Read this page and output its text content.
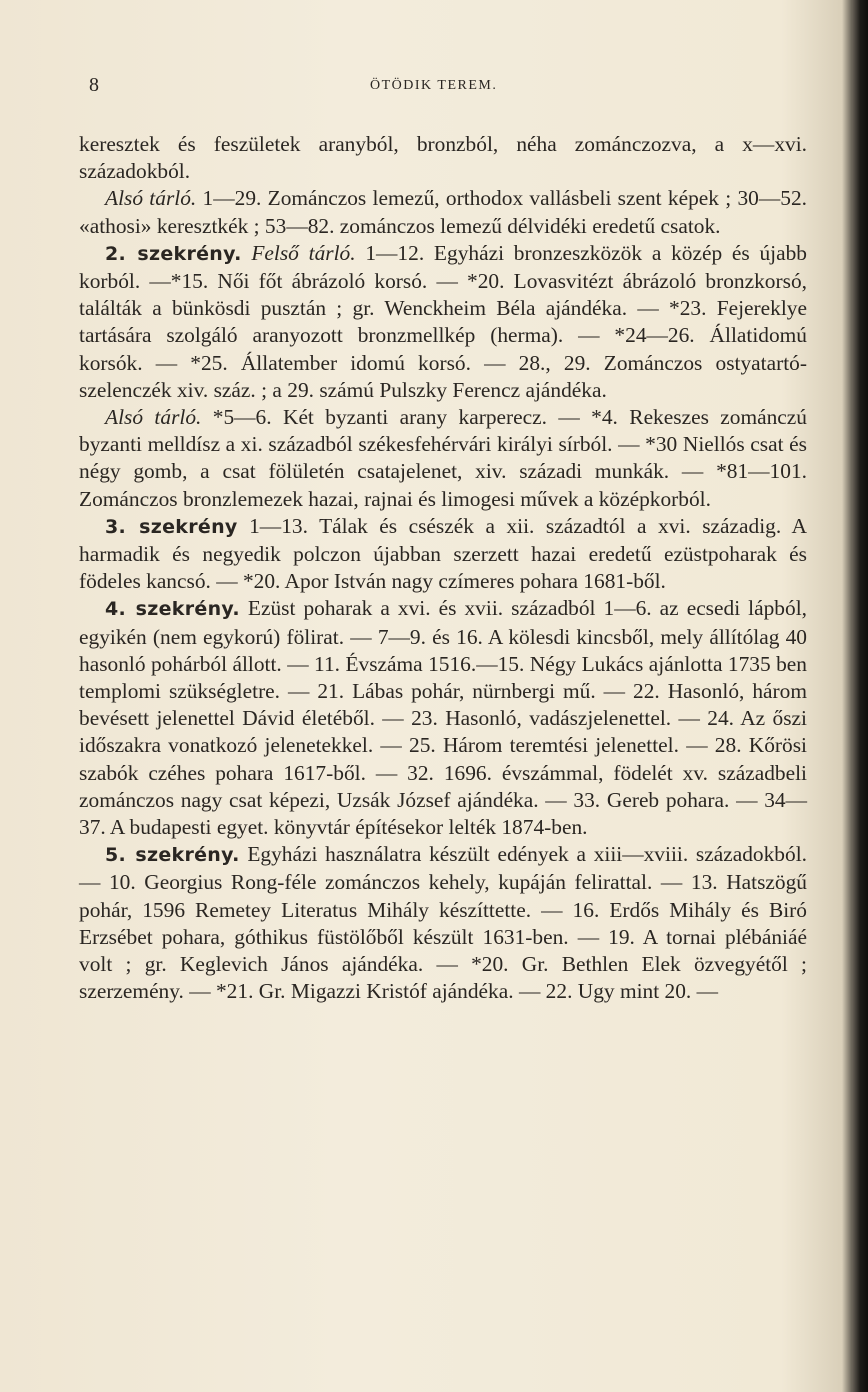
8	ÖTÖDIK TEREM.

keresztek és feszületek aranyból, bronzból, néha zománczozva, a x—xvi. századokból.

Alsó tárló. 1—29. Zománczos lemezű, orthodox vallásbeli szent képek ; 30—52. «athosi» keresztkék ; 53—82. zománczos lemezű délvidéki eredetű csatok.

2. szekrény. Felső tárló. 1—12. Egyházi bronzeszközök a közép és újabb korból. —*15. Női főt ábrázoló korsó. — *20. Lovasvitézt ábrázoló bronzkorsó, találták a bünkösdi pusztán ; gr. Wenckheim Béla ajándéka. — *23. Fejereklye tartására szolgáló aranyozott bronzmellkép (herma). — *24—26. Állatidomú korsók. — *25. Állatember idomú korsó. — 28., 29. Zománczos ostyatartó-szelenczék xiv. száz. ; a 29. számú Pulszky Ferencz ajándéka.

Alsó tárló. *5—6. Két byzanti arany karperecz. — *4. Rekeszes zománczú byzanti melldísz a xi. századból székesfehérvári királyi sírból. — *30 Niellós csat és négy gomb, a csat fölületén csatajelenet, xiv. századi munkák. — *81—101. Zománczos bronzlemezek hazai, rajnai és limogesi művek a középkorból.

3. szekrény 1—13. Tálak és csészék a xii. századtól a xvi. századig. A harmadik és negyedik polczon újabban szerzett hazai eredetű ezüstpoharak és födeles kancsó. — *20. Apor István nagy czímeres pohara 1681-ből.

4. szekrény. Ezüst poharak a xvi. és xvii. századból 1—6. az ecsedi lápból, egyikén (nem egykorú) fölirat. — 7—9. és 16. A kölesdi kincsből, mely állítólag 40 hasonló pohárból állott. — 11. Évszáma 1516.—15. Négy Lukács ajánlotta 1735 ben templomi szükségletre. — 21. Lábas pohár, nürnbergi mű. — 22. Hasonló, három bevésett jelenettel Dávid életéből. — 23. Hasonló, vadászjelenettel. — 24. Az őszi időszakra vonatkozó jelenetekkel. — 25. Három teremtési jelenettel. — 28. Kőrösi szabók czéhes pohara 1617-ből. — 32. 1696. évszámmal, födelét xv. századbeli zománczos nagy csat képezi, Uzsák József ajándéka. — 33. Gereb pohara. — 34—37. A budapesti egyet. könyvtár építésekor lelték 1874-ben.

5. szekrény. Egyházi használatra készült edények a xiii—xviii. századokból. — 10. Georgius Rong-féle zománczos kehely, kupáján felirattal. — 13. Hatszögű pohár, 1596 Remetey Literatus Mihály készíttette. — 16. Erdős Mihály és Biró Erzsébet pohara, góthikus füstölőből készült 1631-ben. — 19. A tornai plébániáé volt ; gr. Keglevich János ajándéka. — *20. Gr. Bethlen Elek özvegyétől ; szerzemény. — *21. Gr. Migazzi Kristóf ajándéka. — 22. Ugy mint 20. —
